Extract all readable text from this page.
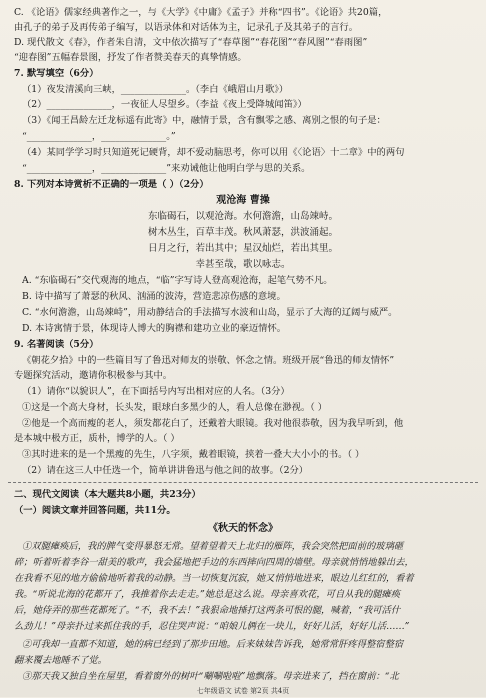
C. 《论语》儒家经典著作之一，与《大学》《中庸》《孟子》并称“四书”。《论语》共20篇，
由孔子的弟子及再传弟子编写，以语录体和对话体为主，记录孔子及其弟子的言行。
D. 现代散文《春》，作者朱自清，文中依次描写了“春草图”“春花图”“春风图”“春雨图”
“迎春图”五幅春景图，抒发了作者赞美春天的真挚情感。
7. 默写填空（6分）
（1）夜发清溪向三峡，______________。（李白《峨眉山月歌》）
（2）______________，一夜征人尽望乡。（李益《夜上受降城闻笛》）
（3）《闻王昌龄左迁龙标遥有此寄》中，融情于景，含有飘零之感、离别之恨的句子是：
“______________，______________。”
（4）某同学学习时只知道死记硬背，却不爱动脑思考，你可以用《〈论语〉十二章》中的两句
“______________，______________”来劝诫他让他明白学与思的关系。
8. 下列对本诗赏析不正确的一项是（ ）（2分）
观沧海 曹操
东临碣石，以观沧海。水何澹澹，山岛竦峙。
树木丛生，百草丰茂。秋风萧瑟，洪波涌起。
日月之行，若出其中；星汉灿烂，若出其里。
幸甚至哉，歌以咏志。
A. “东临碣石”交代观海的地点，“临”字写诗人登高观沧海，起笔气势不凡。
B. 诗中描写了萧瑟的秋风、汹涌的波涛，营造悲凉伤感的意境。
C. “水何澹澹，山岛竦峙”，用动静结合的手法描写水波和山岛，显示了大海的辽阔与威严。
D. 本诗寓情于景，体现诗人博大的胸襟和建功立业的豪迈情怀。
9. 名著阅读（5分）
《朝花夕拾》中的一些篇目写了鲁迅对师友的崇敬、怀念之情。班级开展“鲁迅的师友情怀”
专题探究活动，邀请你积极参与其中。
（1）请你“以貌识人”，在下面括号内写出相对应的人名。（3分）
①这是一个高大身材，长头发，眼球白多黑少的人，看人总像在渺视。（ ）
②他是一个高而瘦的老人，须发都花白了，还戴着大眼镜。我对他很恭敬，因为我早听到，他
是本城中极方正，质朴，博学的人。（ ）
③其时进来的是一个黑瘦的先生，八字须，戴着眼镜，挟着一叠大大小小的书。（ ）
（2）请在这三人中任选一个，简单讲讲鲁迅与他之间的故事。（2分）
二、现代文阅读（本大题共8小题，共23分）
（一）阅读文章并回答问题，共11分。
《秋天的怀念》
①双腿瘫痪后，我的脾气变得暴怒无常。望着望着天上北归的雁阵，我会突然把面前的玻璃砸
碎；听着听着李谷一甜美的歌声，我会猛地把手边的东西摔向四周的墙壁。母亲就悄悄地躲出去，
在我看不见的地方偷偷地听着我的动静。当一切恢复沉寂，她又悄悄地进来，眼边儿红红的，看着
我。“听说北海的花都开了，我推着你去走走。”她总是这么说。母亲喜欢花，可自从我的腿瘫痪
后，她侍弄的那些花都死了。“不，我不去！”我狠命地捶打这两条可恨的腿，喊着，“我可活什
么劲儿！”母亲扑过来抓住我的手，忍住哭声说：“咱娘儿俩在一块儿，好好儿活，好好儿活……”
②可我却一直都不知道，她的病已经到了那步田地。后来妹妹告诉我，她常常肝疼得整宿整宿
翻来覆去地睡不了觉。
③那天我又独自坐在屋里，看着窗外的树叶“唰唰啦啦”地飘落。母亲进来了，挡在窗前：“北
七年级语文 试卷 第2页 共4页
